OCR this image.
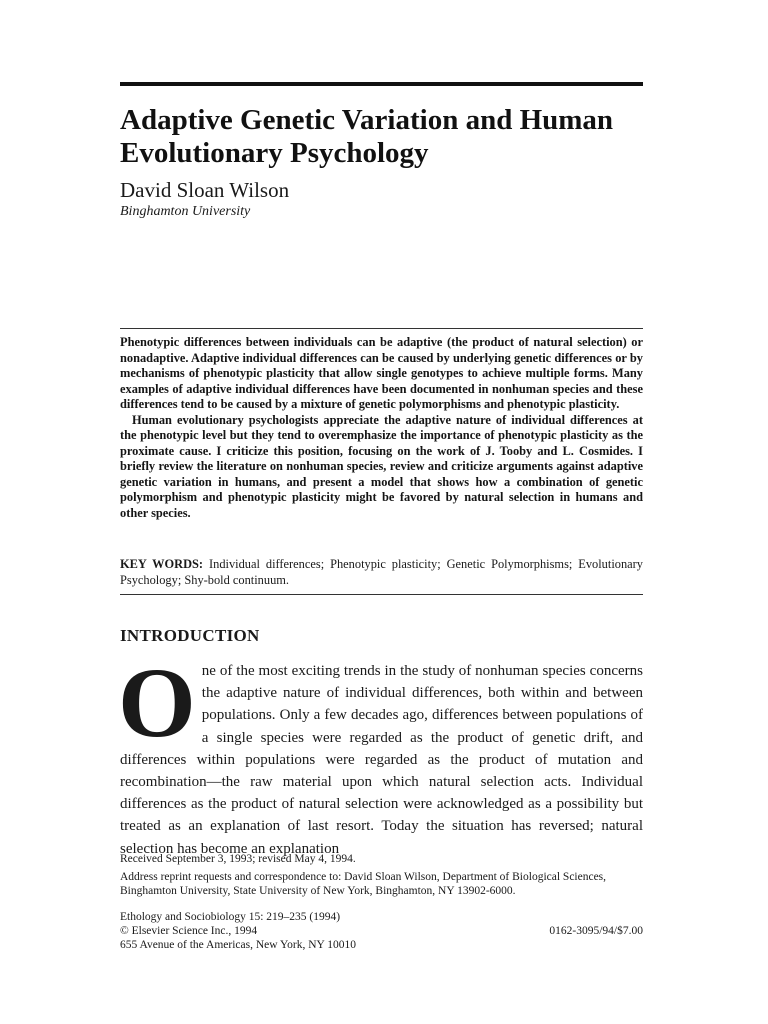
Adaptive Genetic Variation and Human Evolutionary Psychology

David Sloan Wilson

Binghamton University

Phenotypic differences between individuals can be adaptive (the product of natural selection) or nonadaptive. Adaptive individual differences can be caused by underlying genetic differences or by mechanisms of phenotypic plasticity that allow single genotypes to achieve multiple forms. Many examples of adaptive individual differences have been documented in nonhuman species and these differences tend to be caused by a mixture of genetic polymorphisms and phenotypic plasticity.

Human evolutionary psychologists appreciate the adaptive nature of individual differences at the phenotypic level but they tend to overemphasize the importance of phenotypic plasticity as the proximate cause. I criticize this position, focusing on the work of J. Tooby and L. Cosmides. I briefly review the literature on nonhuman species, review and criticize arguments against adaptive genetic variation in humans, and present a model that shows how a combination of genetic polymorphism and phenotypic plasticity might be favored by natural selection in humans and other species.

KEY WORDS: Individual differences; Phenotypic plasticity; Genetic Polymorphisms; Evolutionary Psychology; Shy-bold continuum.
INTRODUCTION
O ne of the most exciting trends in the study of nonhuman species concerns the adaptive nature of individual differences, both within and between populations. Only a few decades ago, differences between populations of a single species were regarded as the product of genetic drift, and differences within populations were regarded as the product of mutation and recombination—the raw material upon which natural selection acts. Individual differences as the product of natural selection were acknowledged as a possibility but treated as an explanation of last resort. Today the situation has reversed; natural selection has become an explanation

Received September 3, 1993; revised May 4, 1994.

Address reprint requests and correspondence to: David Sloan Wilson, Department of Biological Sciences, Binghamton University, State University of New York, Binghamton, NY 13902-6000.

Ethology and Sociobiology 15: 219–235 (1994)
© Elsevier Science Inc., 1994	0162-3095/94/$7.00
655 Avenue of the Americas, New York, NY 10010
